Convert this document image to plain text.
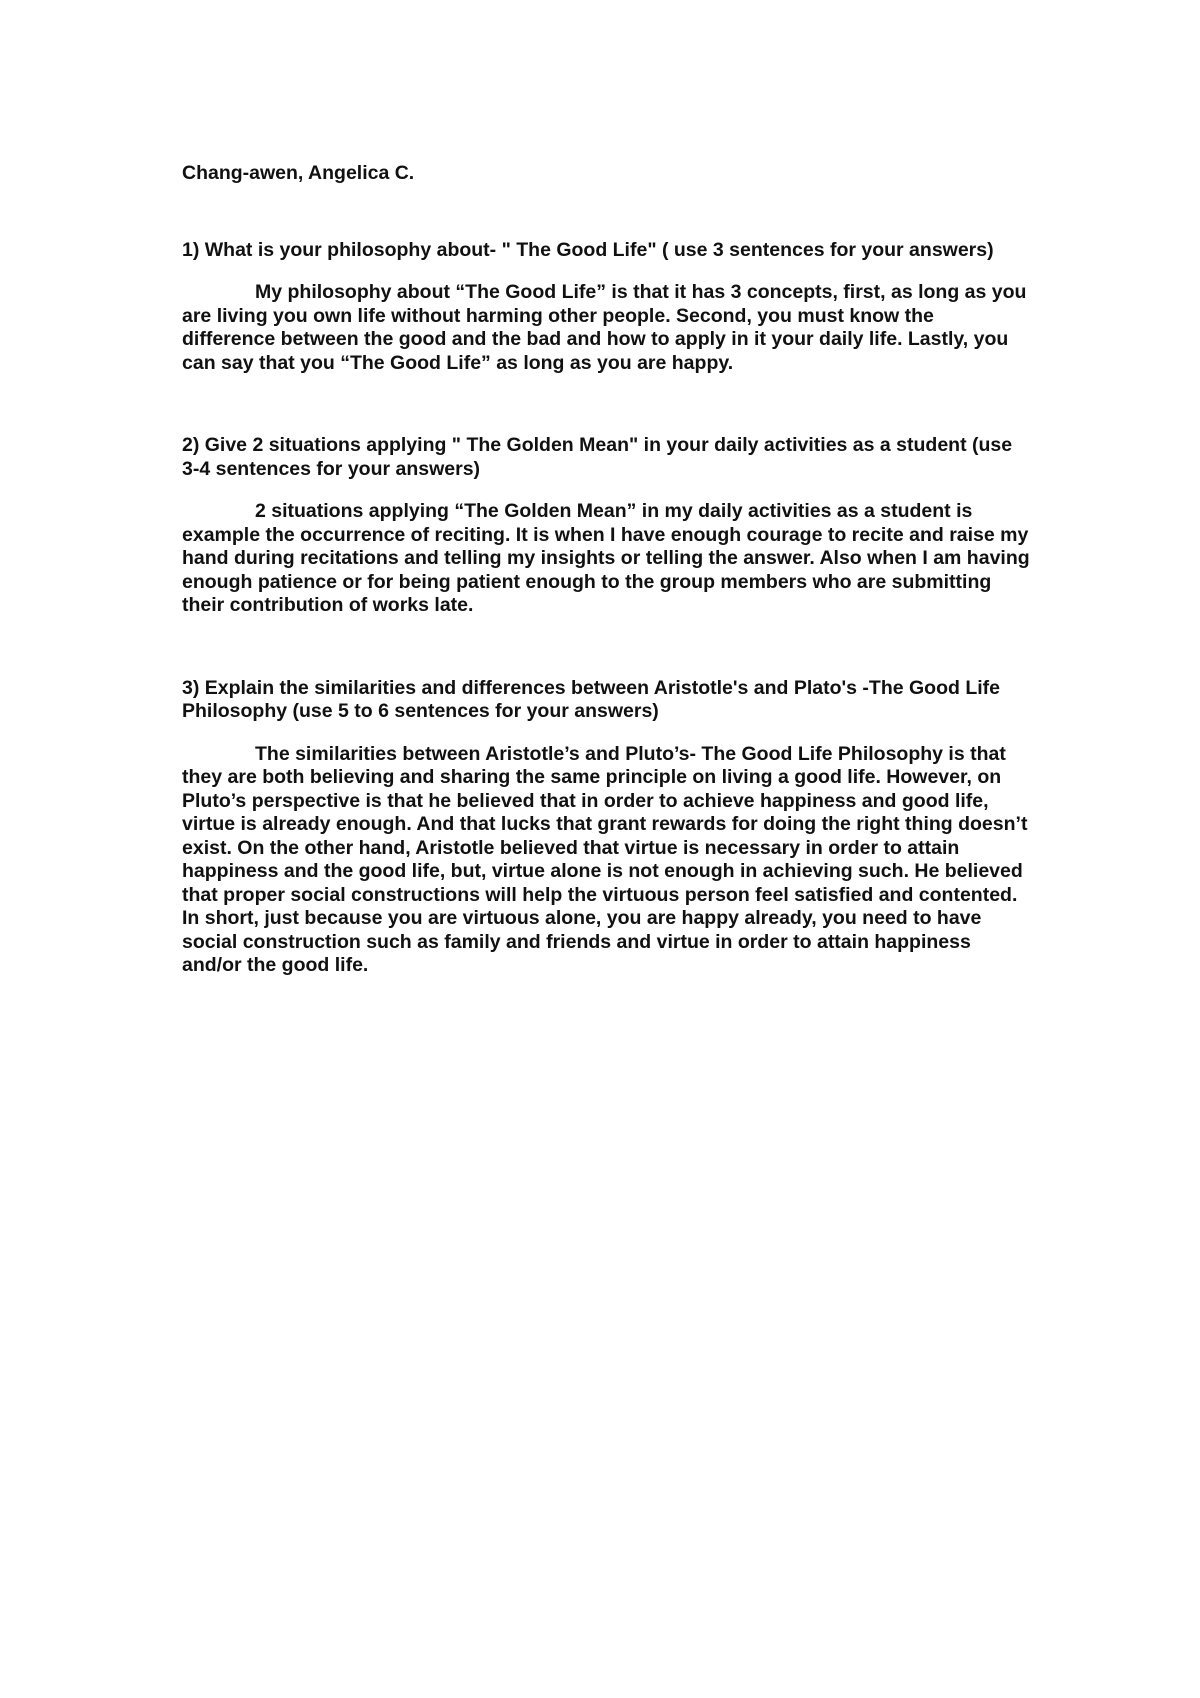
Chang-awen, Angelica C.

1) What is your philosophy about- " The Good Life" ( use 3 sentences for your answers)

My philosophy about “The Good Life” is that it has 3 concepts, first, as long as you are living you own life without harming other people. Second, you must know the difference between the good and the bad and how to apply in it your daily life. Lastly, you can say that you “The Good Life” as long as you are happy.

2) Give 2 situations applying " The Golden Mean" in your daily activities as a student (use 3-4 sentences for your answers)

2 situations applying “The Golden Mean” in my daily activities as a student is example the occurrence of reciting. It is when I have enough courage to recite and raise my hand during recitations and telling my insights or telling the answer. Also when I am having enough patience or for being patient enough to the group members who are submitting their contribution of works late.

3) Explain the similarities and differences between Aristotle's and Plato's -The Good Life Philosophy (use 5 to 6 sentences for your answers)

The similarities between Aristotle’s and Pluto’s- The Good Life Philosophy is that they are both believing and sharing the same principle on living a good life. However, on Pluto’s perspective is that he believed that in order to achieve happiness and good life, virtue is already enough. And that lucks that grant rewards for doing the right thing doesn’t exist. On the other hand, Aristotle believed that virtue is necessary in order to attain happiness and the good life, but, virtue alone is not enough in achieving such. He believed that proper social constructions will help the virtuous person feel satisfied and contented. In short, just because you are virtuous alone, you are happy already, you need to have social construction such as family and friends and virtue in order to attain happiness and/or the good life.
